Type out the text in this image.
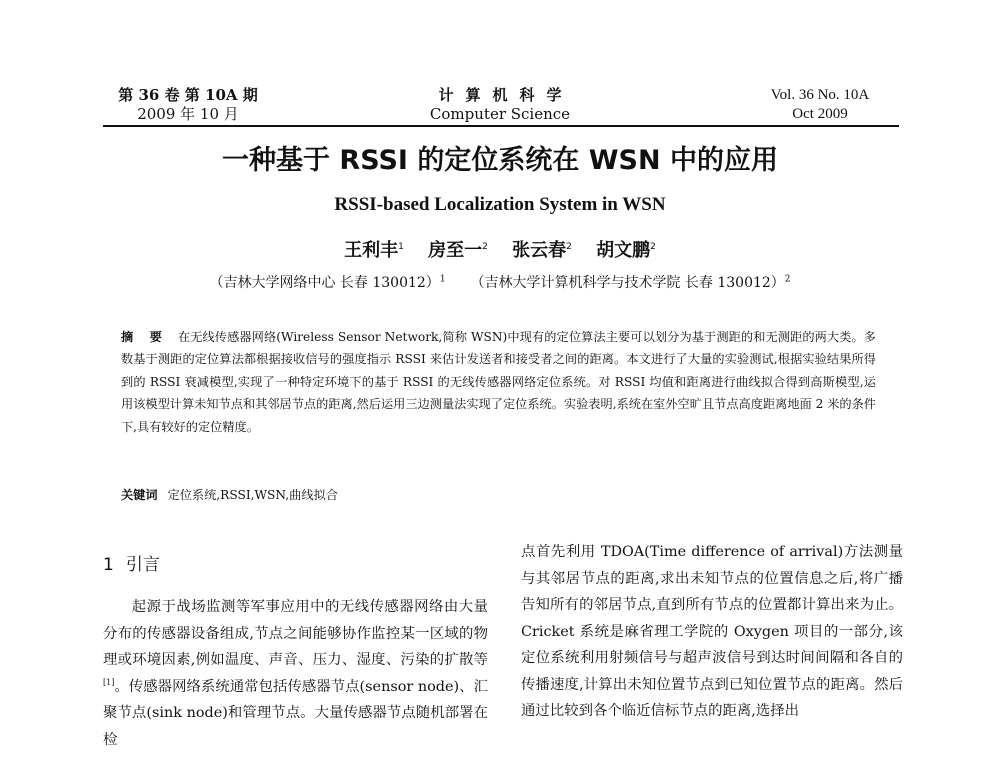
第 36 卷 第 10A 期
2009 年 10 月
计算机科学
Computer Science
Vol. 36 No. 10A
Oct 2009
一种基于 RSSI 的定位系统在 WSN 中的应用
RSSI-based Localization System in WSN
王利丰$^1$ 房至一$^2$ 张云春$^2$ 胡文鹏$^2$
（吉林大学网络中心 长春 130012）$^1$ （吉林大学计算机科学与技术学院 长春 130012）$^2$
摘 要 在无线传感器网络(Wireless Sensor Network,简称 WSN)中现有的定位算法主要可以划分为基于测距的和无测距的两大类。多数基于测距的定位算法都根据接收信号的强度指示 RSSI 来估计发送者和接受者之间的距离。本文进行了大量的实验测试,根据实验结果所得到的 RSSI 衰减模型,实现了一种特定环境下的基于 RSSI 的无线传感器网络定位系统。对 RSSI 均值和距离进行曲线拟合得到高斯模型,运用该模型计算未知节点和其邻居节点的距离,然后运用三边测量法实现了定位系统。实验表明,系统在室外空旷且节点高度距离地面 2 米的条件下,具有较好的定位精度。
关键词 定位系统,RSSI,WSN,曲线拟合
1 引言

起源于战场监测等军事应用中的无线传感器网络由大量分布的传感器设备组成,节点之间能够协作监控某一区域的物理或环境因素,例如温度、声音、压力、湿度、污染的扩散等[1]。传感器网络系统通常包括传感器节点(sensor node)、汇聚节点(sink node)和管理节点。大量传感器节点随机部署在检

点首先利用 TDOA(Time difference of arrival)方法测量与其邻居节点的距离,求出未知节点的位置信息之后,将广播告知所有的邻居节点,直到所有节点的位置都计算出来为止。Cricket 系统是麻省理工学院的 Oxygen 项目的一部分,该定位系统利用射频信号与超声波信号到达时间间隔和各自的传播速度,计算出未知位置节点到已知位置节点的距离。然后通过比较到各个临近信标节点的距离,选择出
